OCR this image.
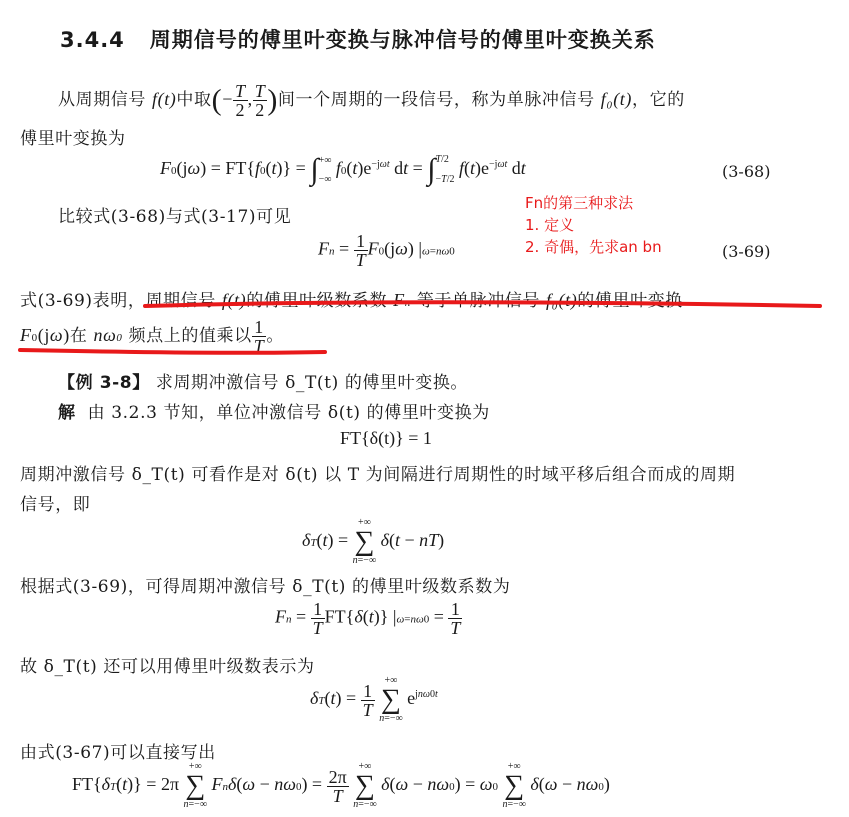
3.4.4 周期信号的傅里叶变换与脉冲信号的傅里叶变换关系
从周期信号 f(t)中取(− $\frac{T}{2}$ , $\frac{T}{2}$ )间一个周期的一段信号，称为单脉冲信号 f₀(t)，它的
傅里叶变换为
F0(jω) = FT{f0(t)} = ∫+∞
−∞ $f0(t)e^{-j\omega t}$ dt = ∫T/2
−T/2 $f(t)e^{-j\omega t}$ dt	(3-68)
比较式(3-68)与式(3-17)可见
Fn的第三种求法
1. 定义
2. 奇偶，先求an bn
$Fn = \frac{1}{T} F0(j\omega)$ |ω=nω0	(3-69)
式(3-69)表明，周期信号 f(t)的傅里叶级数系数 Fn 等于单脉冲信号 f₀(t)的傅里叶变换
F0(jω)在 nω0 频点上的值乘以 $\frac{1}{T}$ 。
【例 3-8】 求周期冲激信号 δ_T(t) 的傅里叶变换。
解 由 3.2.3 节知，单位冲激信号 δ(t) 的傅里叶变换为
FT{δ(t)} = 1
周期冲激信号 δ_T(t) 可看作是对 δ(t) 以 T 为间隔进行周期性的时域平移后组合而成的周期
信号，即
δT(t) =
+∞
∑
n=−∞
δ(t − nT)
根据式(3-69)，可得周期冲激信号 δ_T(t) 的傅里叶级数系数为
$Fn = \frac{1}{T} FT\{\delta(t)\} |\omega=n\omega 0 = \frac{1}{T}$
故 δ_T(t) 还可以用傅里叶级数表示为
$\delta T(t) = \frac{1}{T}$

+∞
∑
n=−∞
$e^{jn\omega 0t}$
由式(3-67)可以直接写出
FT{δT(t)} = 2π
+∞
∑
n=−∞
$Fn\delta(\omega - n\omega 0) = \frac{2\pi}{T}$

+∞
∑
n=−∞
δ(ω − nω0) = ω0
+∞
∑
n=−∞
δ(ω − nω0)
